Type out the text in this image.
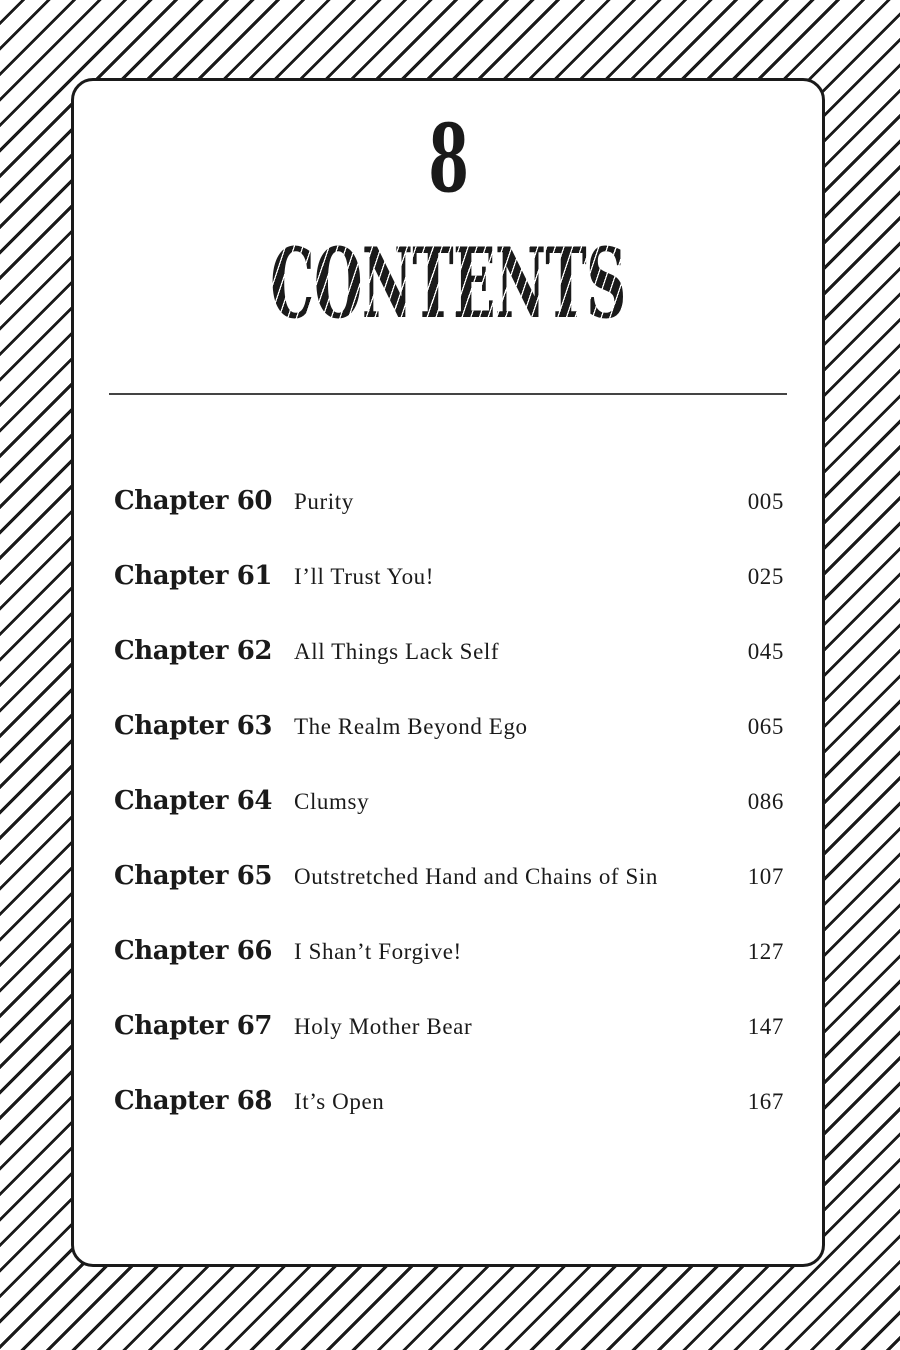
8
CONTENTS
Chapter 60 Purity	005
Chapter 61 I’ll Trust You!	025
Chapter 62 All Things Lack Self	045
Chapter 63 The Realm Beyond Ego	065
Chapter 64 Clumsy	086
Chapter 65 Outstretched Hand and Chains of Sin	107
Chapter 66 I Shan’t Forgive!	127
Chapter 67 Holy Mother Bear	147
Chapter 68 It’s Open	167
